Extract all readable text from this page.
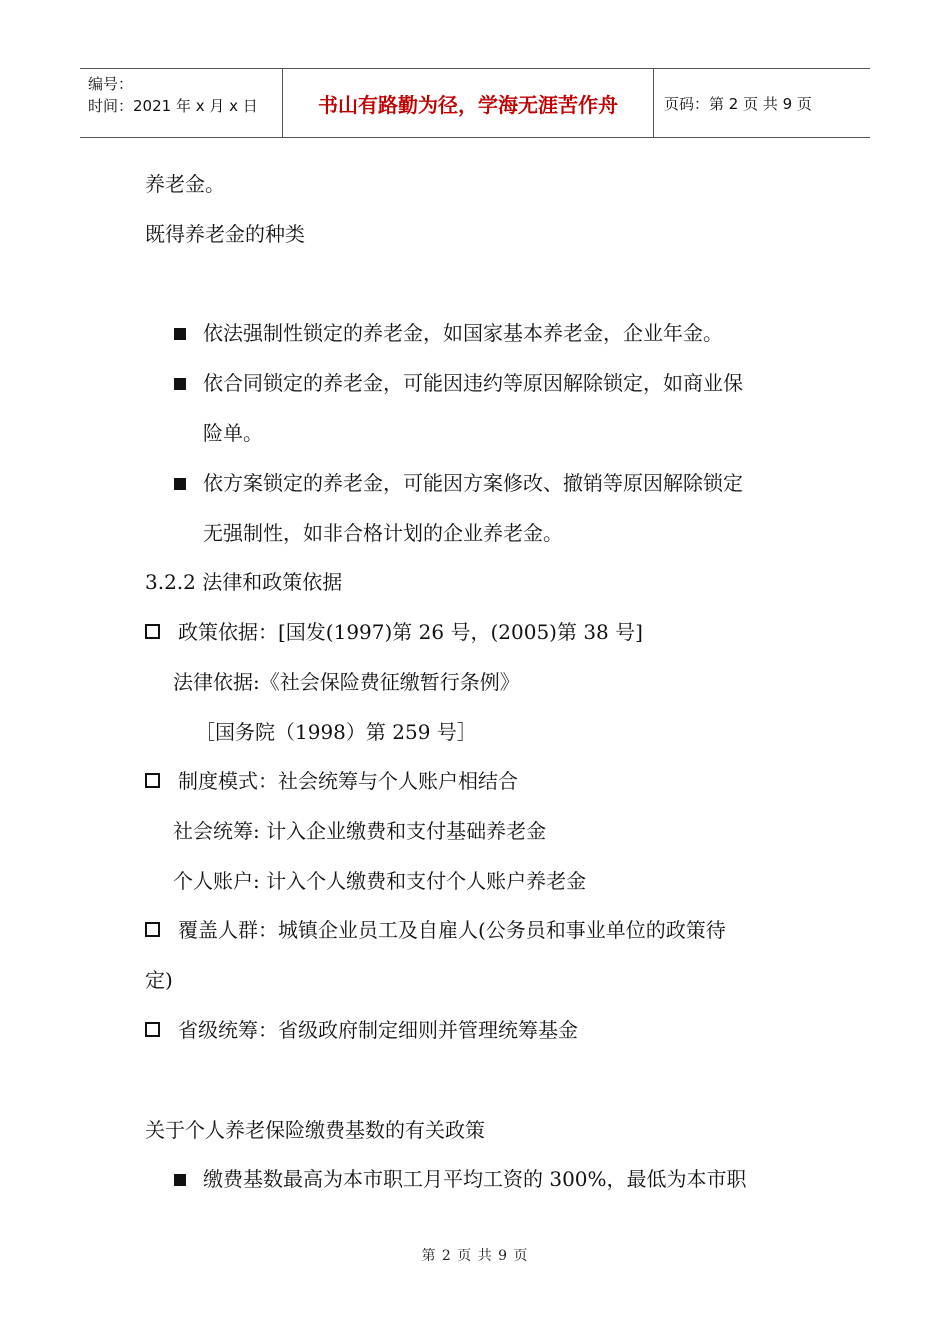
编号：
时间：2021 年 x 月 x 日	书山有路勤为径，学海无涯苦作舟	页码：第 2 页 共 9 页
养老金。
既得养老金的种类
依法强制性锁定的养老金，如国家基本养老金，企业年金。
依合同锁定的养老金，可能因违约等原因解除锁定，如商业保
险单。
依方案锁定的养老金，可能因方案修改、撤销等原因解除锁定
无强制性，如非合格计划的企业养老金。
3.2.2 法律和政策依据
政策依据：[国发(1997)第 26 号，(2005)第 38 号]
法律依据:《社会保险费征缴暂行条例》
［国务院（1998）第 259 号］
制度模式：社会统筹与个人账户相结合
社会统筹: 计入企业缴费和支付基础养老金
个人账户: 计入个人缴费和支付个人账户养老金
覆盖人群：城镇企业员工及自雇人(公务员和事业单位的政策待
定)
省级统筹：省级政府制定细则并管理统筹基金
关于个人养老保险缴费基数的有关政策
缴费基数最高为本市职工月平均工资的 300%，最低为本市职
第 2 页 共 9 页
